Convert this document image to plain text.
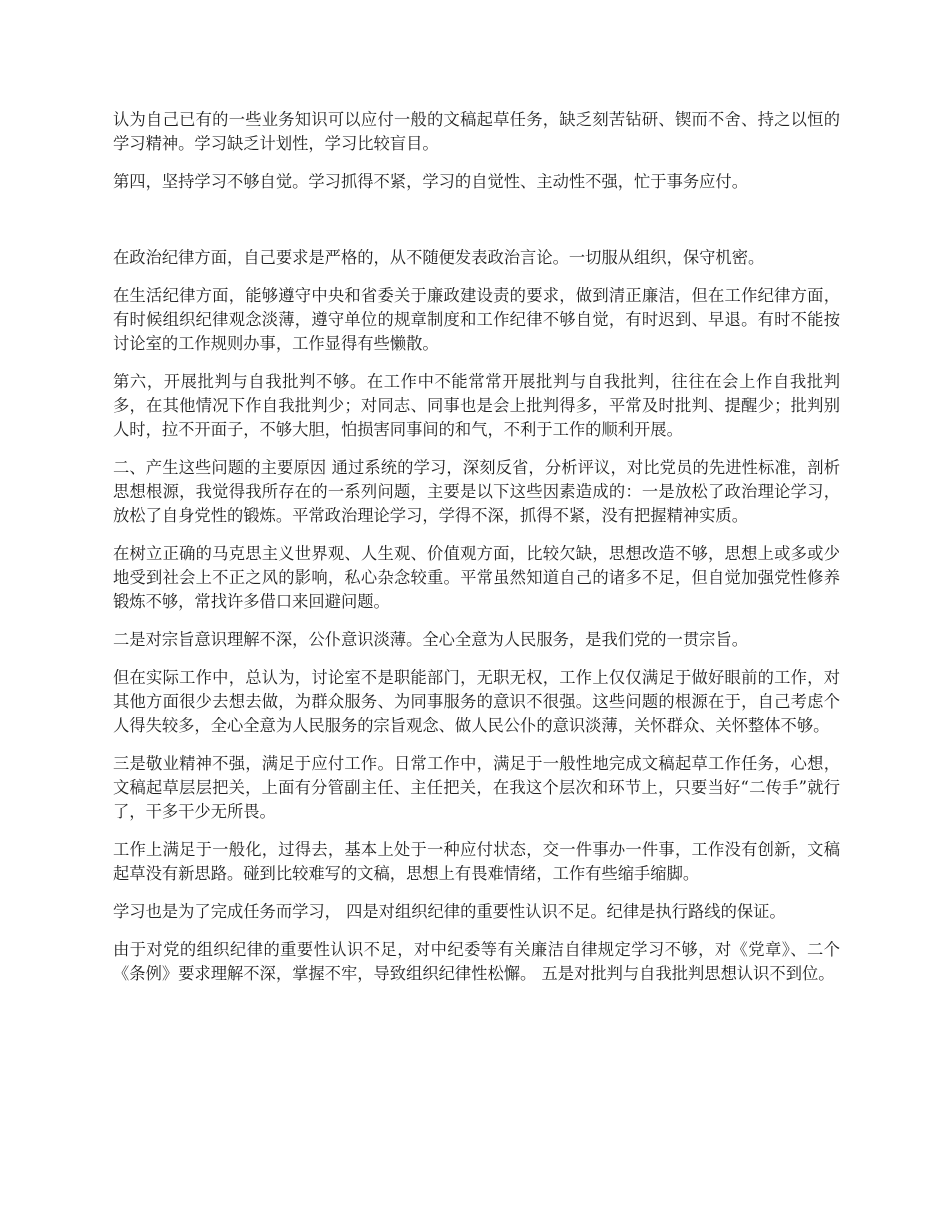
认为自己已有的一些业务知识可以应付一般的文稿起草任务，缺乏刻苦钻研、锲而不舍、持之以恒的学习精神。学习缺乏计划性，学习比较盲目。

第四，坚持学习不够自觉。学习抓得不紧，学习的自觉性、主动性不强，忙于事务应付。

在政治纪律方面，自己要求是严格的，从不随便发表政治言论。一切服从组织，保守机密。

在生活纪律方面，能够遵守中央和省委关于廉政建设责的要求，做到清正廉洁，但在工作纪律方面，有时候组织纪律观念淡薄，遵守单位的规章制度和工作纪律不够自觉，有时迟到、早退。有时不能按讨论室的工作规则办事，工作显得有些懒散。

第六，开展批判与自我批判不够。在工作中不能常常开展批判与自我批判，往往在会上作自我批判多，在其他情况下作自我批判少；对同志、同事也是会上批判得多，平常及时批判、提醒少；批判别人时，拉不开面子，不够大胆，怕损害同事间的和气，不利于工作的顺利开展。

二、产生这些问题的主要原因 通过系统的学习，深刻反省，分析评议，对比党员的先进性标准，剖析思想根源，我觉得我所存在的一系列问题，主要是以下这些因素造成的：一是放松了政治理论学习，放松了自身党性的锻炼。平常政治理论学习，学得不深，抓得不紧，没有把握精神实质。

在树立正确的马克思主义世界观、人生观、价值观方面，比较欠缺，思想改造不够，思想上或多或少地受到社会上不正之风的影响，私心杂念较重。平常虽然知道自己的诸多不足，但自觉加强党性修养锻炼不够，常找许多借口来回避问题。

二是对宗旨意识理解不深，公仆意识淡薄。全心全意为人民服务，是我们党的一贯宗旨。

但在实际工作中，总认为，讨论室不是职能部门，无职无权，工作上仅仅满足于做好眼前的工作，对其他方面很少去想去做，为群众服务、为同事服务的意识不很强。这些问题的根源在于，自己考虑个人得失较多，全心全意为人民服务的宗旨观念、做人民公仆的意识淡薄，关怀群众、关怀整体不够。

三是敬业精神不强，满足于应付工作。日常工作中，满足于一般性地完成文稿起草工作任务，心想，文稿起草层层把关，上面有分管副主任、主任把关，在我这个层次和环节上，只要当好“二传手”就行了，干多干少无所畏。

工作上满足于一般化，过得去，基本上处于一种应付状态，交一件事办一件事，工作没有创新，文稿起草没有新思路。碰到比较难写的文稿，思想上有畏难情绪，工作有些缩手缩脚。

学习也是为了完成任务而学习， 四是对组织纪律的重要性认识不足。纪律是执行路线的保证。

由于对党的组织纪律的重要性认识不足，对中纪委等有关廉洁自律规定学习不够，对《党章》、二个《条例》要求理解不深，掌握不牢，导致组织纪律性松懈。 五是对批判与自我批判思想认识不到位。
